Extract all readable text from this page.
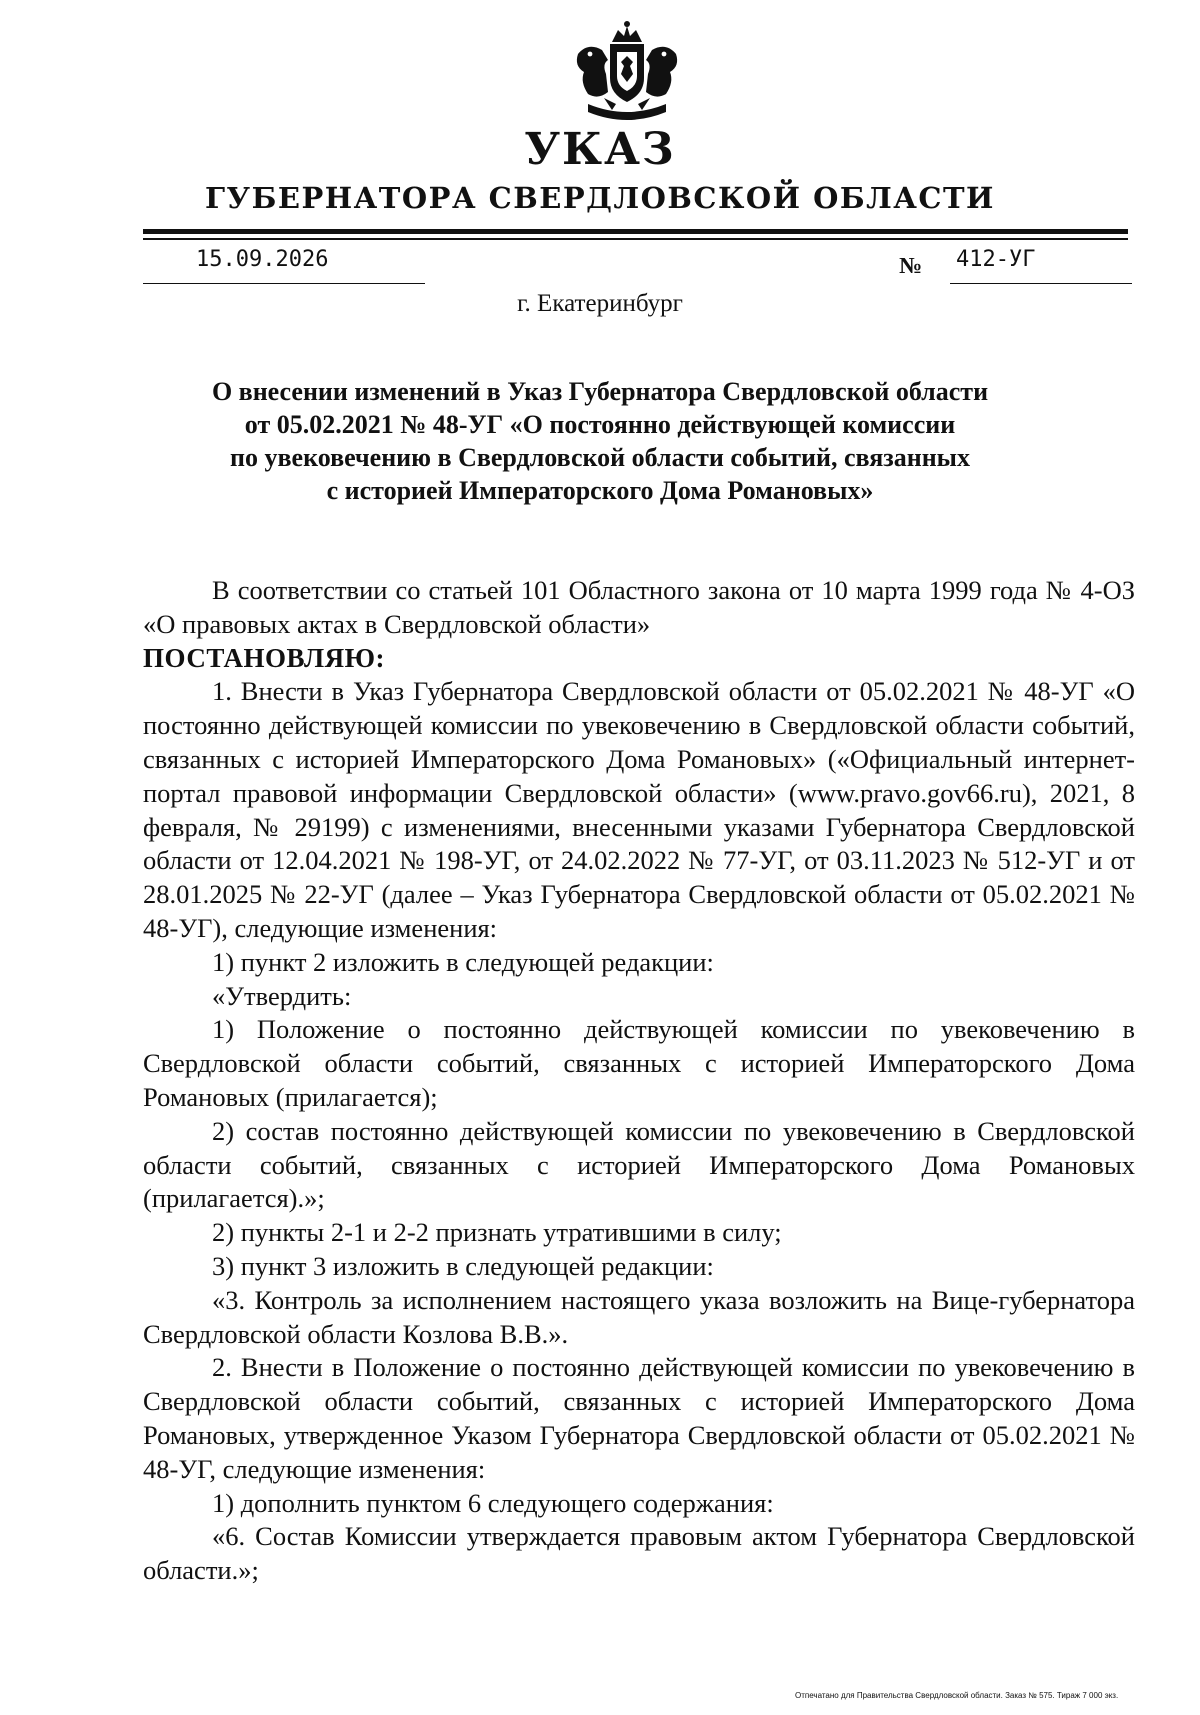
УКАЗ
ГУБЕРНАТОРА СВЕРДЛОВСКОЙ ОБЛАСТИ
15.09.2026	№ 412-УГ
г. Екатеринбург
О внесении изменений в Указ Губернатора Свердловской области
от 05.02.2021 № 48-УГ «О постоянно действующей комиссии
по увековечению в Свердловской области событий, связанных
с историей Императорского Дома Романовых»

В соответствии со статьей 101 Областного закона от 10 марта 1999 года № 4-ОЗ «О правовых актах в Свердловской области»

ПОСТАНОВЛЯЮ:

1. Внести в Указ Губернатора Свердловской области от 05.02.2021 № 48-УГ «О постоянно действующей комиссии по увековечению в Свердловской области событий, связанных с историей Императорского Дома Романовых» («Официальный интернет-портал правовой информации Свердловской области» (www.pravo.gov66.ru), 2021, 8 февраля, № 29199) с изменениями, внесенными указами Губернатора Свердловской области от 12.04.2021 № 198-УГ, от 24.02.2022 № 77-УГ, от 03.11.2023 № 512-УГ и от 28.01.2025 № 22-УГ (далее – Указ Губернатора Свердловской области от 05.02.2021 № 48-УГ), следующие изменения:

1) пункт 2 изложить в следующей редакции:

«Утвердить:

1) Положение о постоянно действующей комиссии по увековечению в Свердловской области событий, связанных с историей Императорского Дома Романовых (прилагается);

2) состав постоянно действующей комиссии по увековечению в Свердловской области событий, связанных с историей Императорского Дома Романовых (прилагается).»;

2) пункты 2-1 и 2-2 признать утратившими в силу;

3) пункт 3 изложить в следующей редакции:

«3. Контроль за исполнением настоящего указа возложить на Вице-губернатора Свердловской области Козлова В.В.».

2. Внести в Положение о постоянно действующей комиссии по увековечению в Свердловской области событий, связанных с историей Императорского Дома Романовых, утвержденное Указом Губернатора Свердловской области от 05.02.2021 № 48-УГ, следующие изменения:

1) дополнить пунктом 6 следующего содержания:

«6. Состав Комиссии утверждается правовым актом Губернатора Свердловской области.»;

Отпечатано для Правительства Свердловской области. Заказ № 575. Тираж 7 000 экз.
